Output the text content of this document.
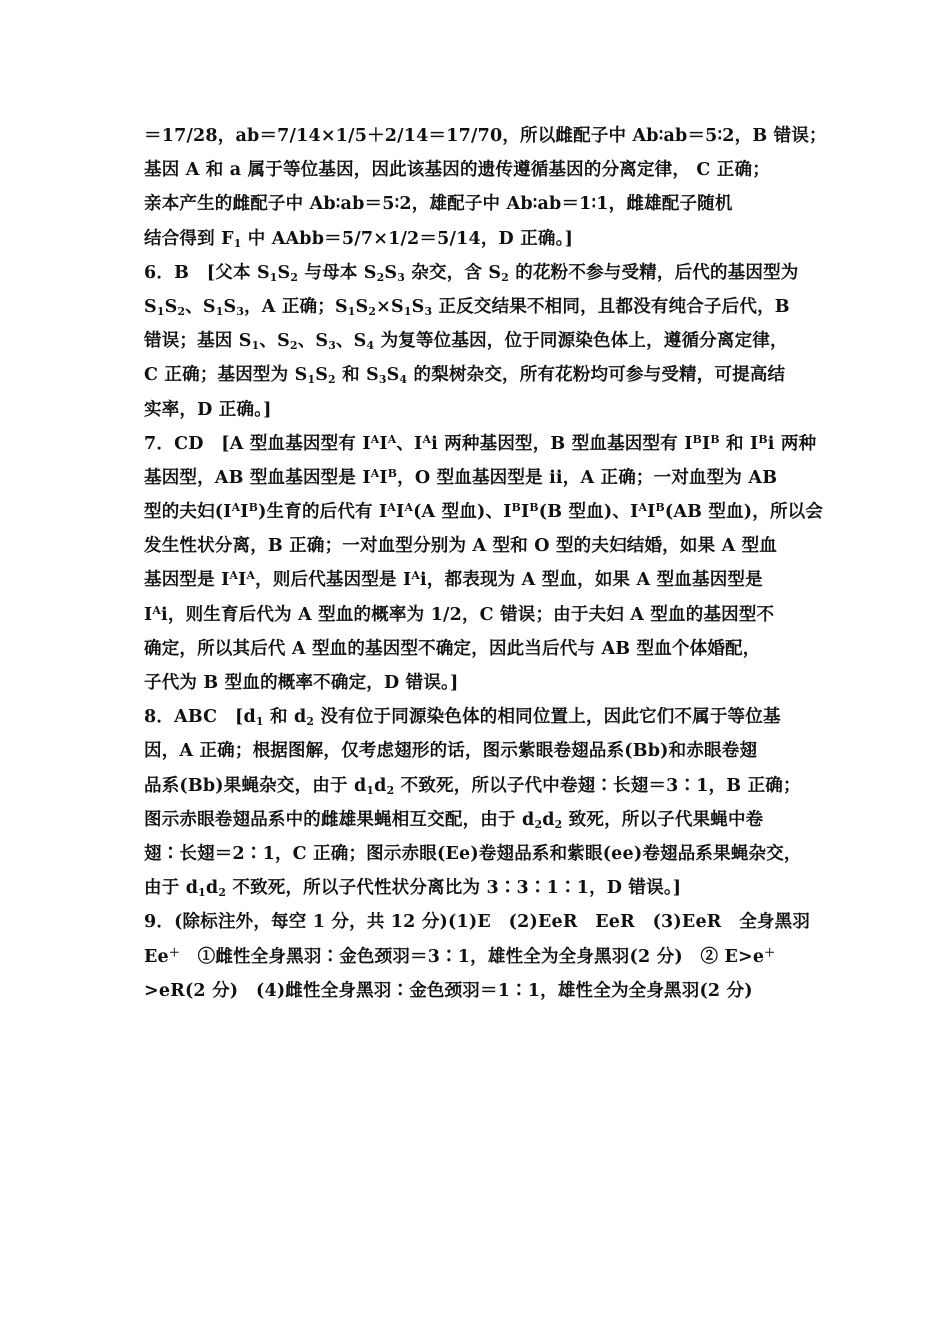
＝17/28，ab＝7/14×1/5＋2/14＝17/70，所以雌配子中 Ab∶ab＝5∶2，B 错误；
基因 A 和 a 属于等位基因，因此该基因的遗传遵循基因的分离定律， C 正确；
亲本产生的雌配子中 Ab∶ab＝5∶2，雄配子中 Ab∶ab＝1∶1，雌雄配子随机
结合得到 $F_1$ 中 AAbb＝5/7×1/2＝5/14，D 正确。]
6．B　[父本 $S_1S_2$ 与母本 $S_2S_3$ 杂交，含 $S_2$ 的花粉不参与受精，后代的基因型为
$S_1S_2$、$S_1S_3$，A 正确；$S_1S_2\times S_1S_3$ 正反交结果不相同，且都没有纯合子后代，B
错误；基因 $S_1$、$S_2$、$S_3$、$S_4$ 为复等位基因，位于同源染色体上，遵循分离定律，
C 正确；基因型为 $S_1S_2$ 和 $S_3S_4$ 的梨树杂交，所有花粉均可参与受精，可提高结
实率，D 正确。]
7．CD　[A 型血基因型有 $I^AI^A$、$I^Ai$ 两种基因型，B 型血基因型有 $I^BI^B$ 和 $I^Bi$ 两种
基因型，AB 型血基因型是 $I^AI^B$，O 型血基因型是 ii，A 正确；一对血型为 AB
型的夫妇$(I^AI^B)$生育的后代有 $I^AI^A(A$ 型血)、$I^BI^B(B$ 型血)、$I^AI^B(AB$ 型血)，所以会
发生性状分离，B 正确；一对血型分别为 A 型和 O 型的夫妇结婚，如果 A 型血
基因型是 $I^AI^A$，则后代基因型是 $I^Ai$，都表现为 A 型血，如果 A 型血基因型是
$I^Ai$，则生育后代为 A 型血的概率为 1/2，C 错误；由于夫妇 A 型血的基因型不
确定，所以其后代 A 型血的基因型不确定，因此当后代与 AB 型血个体婚配，
子代为 B 型血的概率不确定，D 错误。]
8．ABC　[$d_1$ 和 $d_2$ 没有位于同源染色体的相同位置上，因此它们不属于等位基
因，A 正确；根据图解，仅考虑翅形的话，图示紫眼卷翅品系(Bb)和赤眼卷翅
品系(Bb)果蝇杂交，由于 $d_1d_2$ 不致死，所以子代中卷翅∶长翅＝3∶1，B 正确；
图示赤眼卷翅品系中的雌雄果蝇相互交配，由于 $d_2d_2$ 致死，所以子代果蝇中卷
翅∶长翅＝2∶1，C 正确；图示赤眼(Ee)卷翅品系和紫眼(ee)卷翅品系果蝇杂交，
由于 $d_1d_2$ 不致死，所以子代性状分离比为 3∶3∶1∶1，D 错误。]
9．(除标注外，每空 1 分，共 12 分)(1)E　(2)EeR　EeR　(3)EeR　全身黑羽
Ee＋　①雌性全身黑羽∶金色颈羽＝3∶1，雄性全为全身黑羽(2 分)　② E>e＋
>eR(2 分)　(4)雌性全身黑羽∶金色颈羽＝1∶1，雄性全为全身黑羽(2 分)
